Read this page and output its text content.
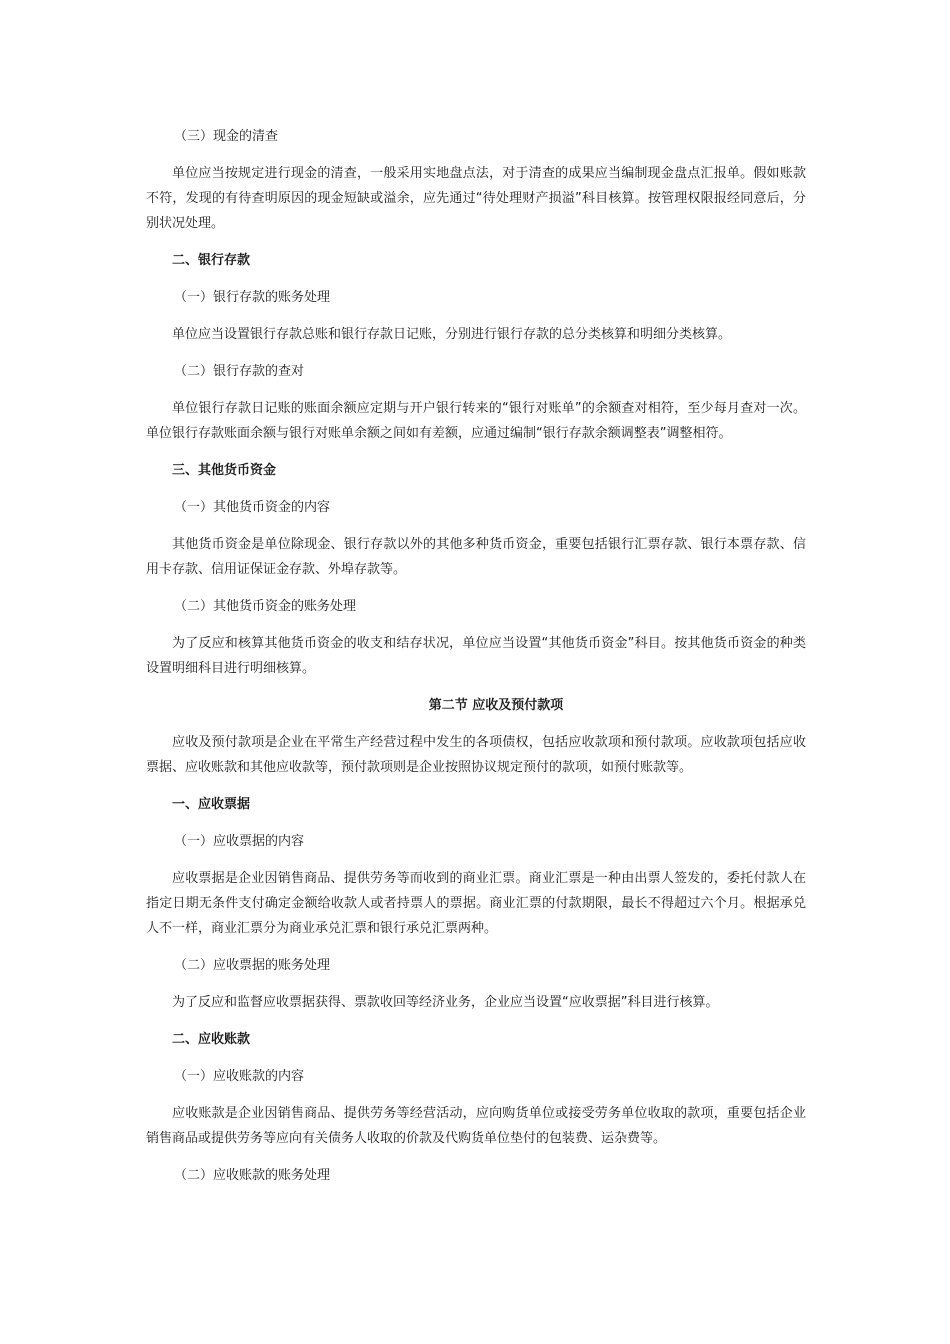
（三）现金的清查

单位应当按规定进行现金的清查，一般采用实地盘点法，对于清查的成果应当编制现金盘点汇报单。假如账款不符，发现的有待查明原因的现金短缺或溢余，应先通过“待处理财产损溢”科目核算。按管理权限报经同意后，分别状况处理。

二、银行存款

（一）银行存款的账务处理

单位应当设置银行存款总账和银行存款日记账，分别进行银行存款的总分类核算和明细分类核算。

（二）银行存款的查对

单位银行存款日记账的账面余额应定期与开户银行转来的“银行对账单”的余额查对相符，至少每月查对一次。单位银行存款账面余额与银行对账单余额之间如有差额，应通过编制“银行存款余额调整表”调整相符。

三、其他货币资金

（一）其他货币资金的内容

其他货币资金是单位除现金、银行存款以外的其他多种货币资金，重要包括银行汇票存款、银行本票存款、信用卡存款、信用证保证金存款、外埠存款等。

（二）其他货币资金的账务处理

为了反应和核算其他货币资金的收支和结存状况，单位应当设置“其他货币资金”科目。按其他货币资金的种类设置明细科目进行明细核算。

第二节 应收及预付款项

应收及预付款项是企业在平常生产经营过程中发生的各项债权，包括应收款项和预付款项。应收款项包括应收票据、应收账款和其他应收款等，预付款项则是企业按照协议规定预付的款项，如预付账款等。

一、应收票据

（一）应收票据的内容

应收票据是企业因销售商品、提供劳务等而收到的商业汇票。商业汇票是一种由出票人签发的，委托付款人在指定日期无条件支付确定金额给收款人或者持票人的票据。商业汇票的付款期限，最长不得超过六个月。根据承兑人不一样，商业汇票分为商业承兑汇票和银行承兑汇票两种。

（二）应收票据的账务处理

为了反应和监督应收票据获得、票款收回等经济业务，企业应当设置“应收票据”科目进行核算。

二、应收账款

（一）应收账款的内容

应收账款是企业因销售商品、提供劳务等经营活动，应向购货单位或接受劳务单位收取的款项，重要包括企业销售商品或提供劳务等应向有关债务人收取的价款及代购货单位垫付的包装费、运杂费等。

（二）应收账款的账务处理
